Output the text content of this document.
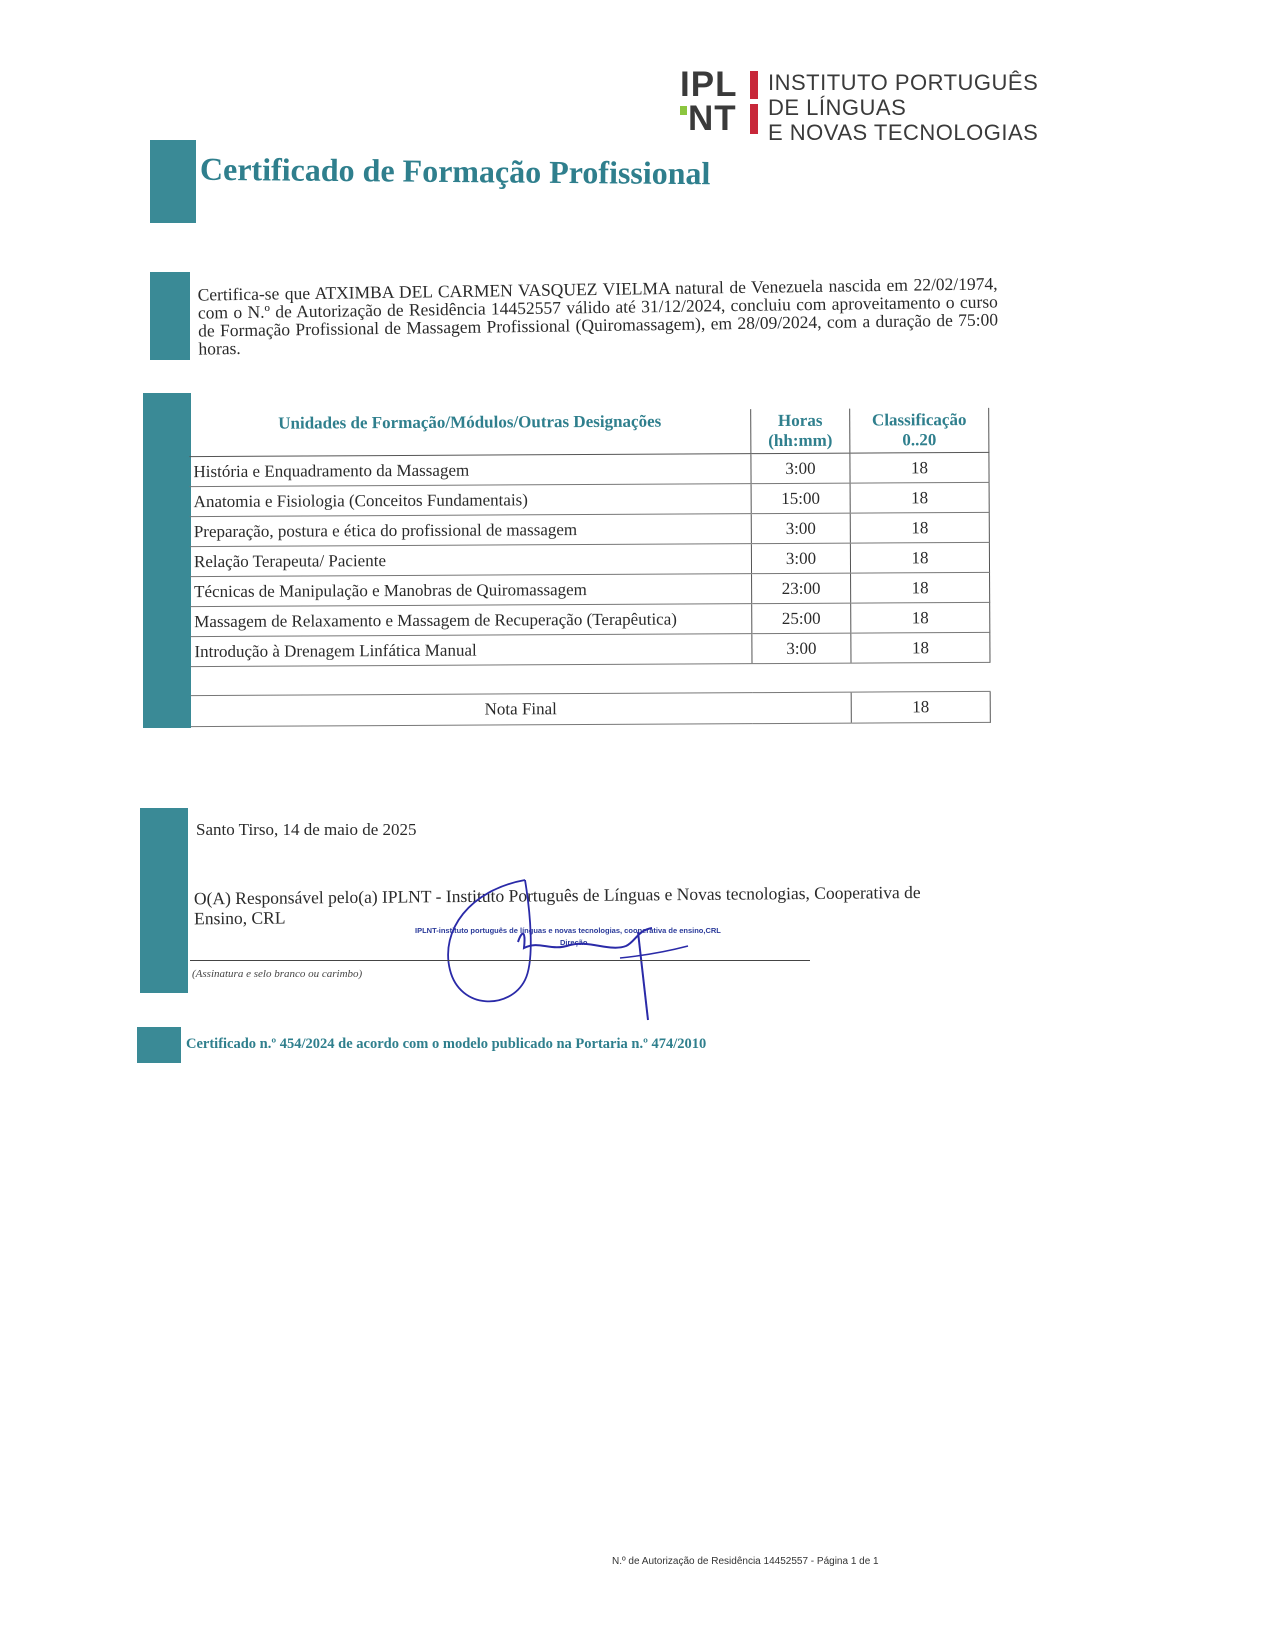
IPL
NT
INSTITUTO PORTUGUÊS
DE LÍNGUAS
E NOVAS TECNOLOGIAS
Certificado de Formação Profissional
Certifica-se que ATXIMBA DEL CARMEN VASQUEZ VIELMA natural de Venezuela nascida em 22/02/1974, com o N.º de Autorização de Residência 14452557 válido até 31/12/2024, concluiu com aproveitamento o curso de Formação Profissional de Massagem Profissional (Quiromassagem), em 28/09/2024, com a duração de 75:00 horas.
Unidades de Formação/Módulos/Outras Designações	Horas (hh:mm)	Classificação 0..20
História e Enquadramento da Massagem	3:00	18
Anatomia e Fisiologia (Conceitos Fundamentais)	15:00	18
Preparação, postura e ética do profissional de massagem	3:00	18
Relação Terapeuta/ Paciente	3:00	18
Técnicas de Manipulação e Manobras de Quiromassagem	23:00	18
Massagem de Relaxamento e Massagem de Recuperação (Terapêutica)	25:00	18
Introdução à Drenagem Linfática Manual	3:00	18

Nota Final		18
Santo Tirso, 14 de maio de 2025
O(A) Responsável pelo(a) IPLNT - Instituto Português de Línguas e Novas tecnologias, Cooperativa de Ensino, CRL
IPLNT-instituto português de línguas e novas tecnologias, cooperativa de ensino,CRL
Direção
(Assinatura e selo branco ou carimbo)
Certificado n.º 454/2024 de acordo com o modelo publicado na Portaria n.º 474/2010
N.º de Autorização de Residência 14452557 - Página 1 de 1
